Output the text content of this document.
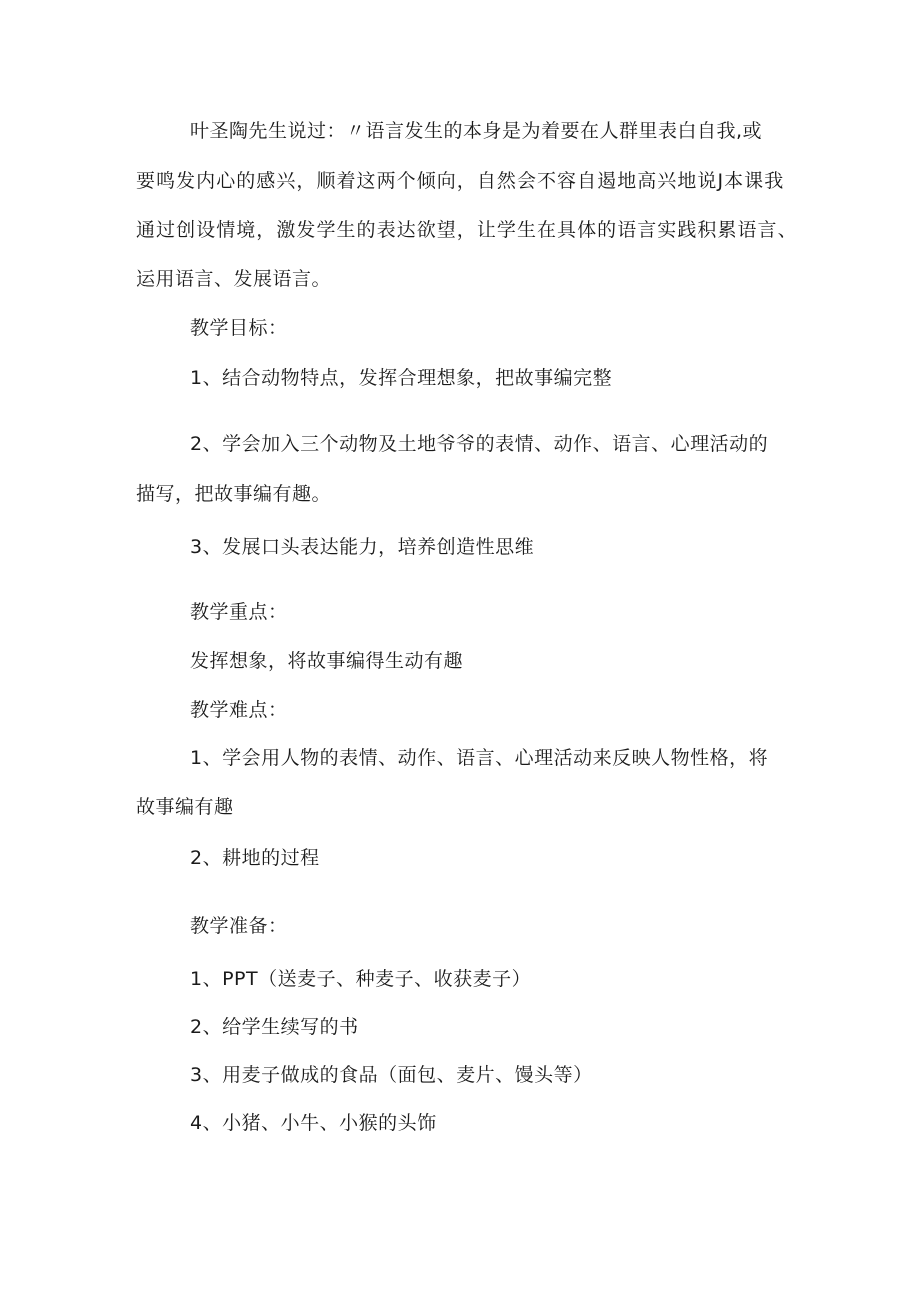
叶圣陶先生说过：〃语言发生的本身是为着要在人群里表白自我,或
要鸣发内心的感兴，顺着这两个倾向，自然会不容自遏地高兴地说J本课我
通过创设情境，激发学生的表达欲望，让学生在具体的语言实践积累语言、
运用语言、发展语言。
教学目标：
1、结合动物特点，发挥合理想象，把故事编完整
2、学会加入三个动物及土地爷爷的表情、动作、语言、心理活动的
描写，把故事编有趣。
3、发展口头表达能力，培养创造性思维
教学重点：
发挥想象，将故事编得生动有趣
教学难点：
1、学会用人物的表情、动作、语言、心理活动来反映人物性格，将
故事编有趣
2、耕地的过程
教学准备：
1、PPT（送麦子、种麦子、收获麦子）
2、给学生续写的书
3、用麦子做成的食品（面包、麦片、馒头等）
4、小猪、小牛、小猴的头饰
